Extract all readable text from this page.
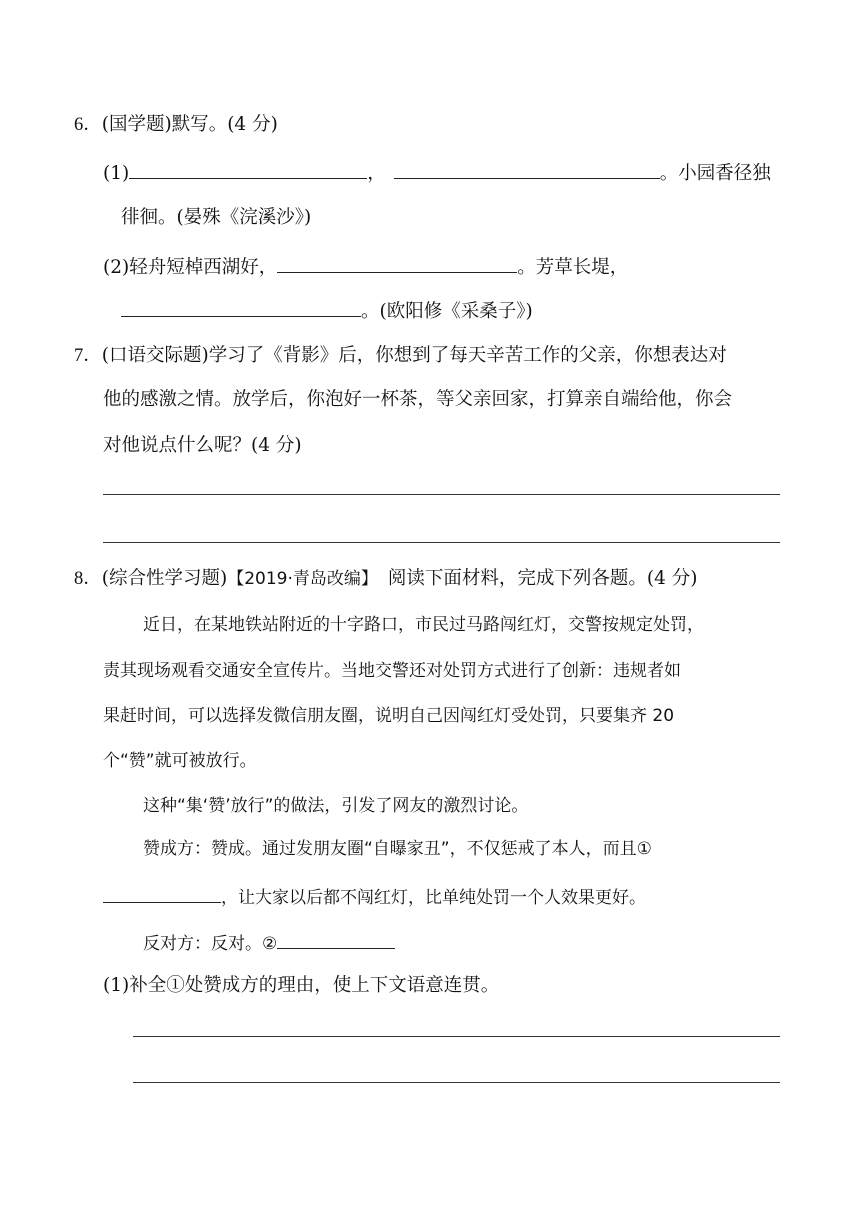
6．(国学题)默写。(4 分)
(1)	，	。小园香径独
徘徊。(晏殊《浣溪沙》)
(2)轻舟短棹西湖好，	。芳草长堤，
。(欧阳修《采桑子》)
7．(口语交际题)学习了《背影》后，你想到了每天辛苦工作的父亲，你想表达对
他的感激之情。放学后，你泡好一杯茶，等父亲回家，打算亲自端给他，你会
对他说点什么呢？(4 分)
8．(综合性学习题)【2019·青岛改编】 阅读下面材料，完成下列各题。(4 分)
近日，在某地铁站附近的十字路口，市民过马路闯红灯，交警按规定处罚，
责其现场观看交通安全宣传片。当地交警还对处罚方式进行了创新：违规者如
果赶时间，可以选择发微信朋友圈，说明自己因闯红灯受处罚，只要集齐 20
个“赞”就可被放行。
这种“集‘赞’放行”的做法，引发了网友的激烈讨论。
赞成方：赞成。通过发朋友圈“自曝家丑”，不仅惩戒了本人，而且①
，让大家以后都不闯红灯，比单纯处罚一个人效果更好。
反对方：反对。②
(1)补全①处赞成方的理由，使上下文语意连贯。
